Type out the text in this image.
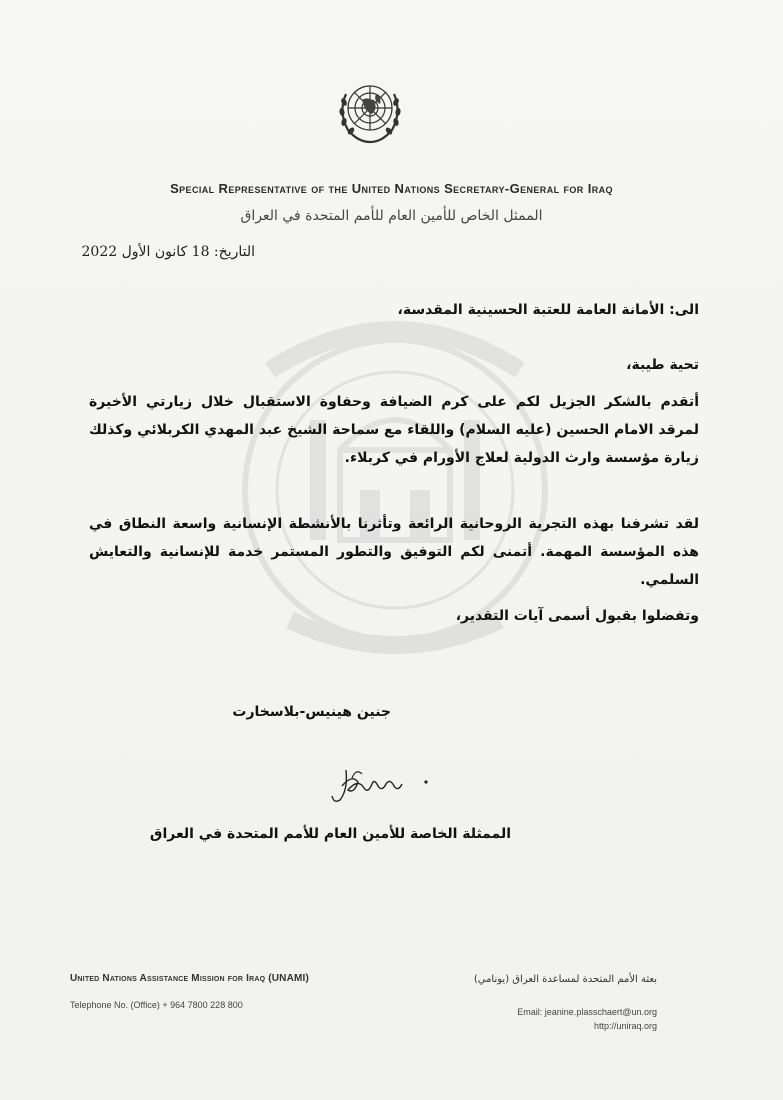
Special Representative of the United Nations Secretary-General for Iraq
الممثل الخاص للأمين العام للأمم المتحدة في العراق
التاريخ: 18 كانون الأول 2022
الى: الأمانة العامة للعتبة الحسينية المقدسة،
تحية طيبة،
أتقدم بالشكر الجزيل لكم على كرم الضيافة وحفاوة الاستقبال خلال زيارتي الأخيرة لمرقد الامام الحسين (عليه السلام) واللقاء مع سماحة الشيخ عبد المهدي الكربلائي وكذلك زيارة مؤسسة وارث الدولية لعلاج الأورام في كربلاء.
لقد تشرفنا بهذه التجربة الروحانية الرائعة وتأثرنا بالأنشطة الإنسانية واسعة النطاق في هذه المؤسسة المهمة. أتمنى لكم التوفيق والتطور المستمر خدمة للإنسانية والتعايش السلمي.
وتفضلوا بقبول أسمى آيات التقدير،
جنين هينيس-بلاسخارت
الممثلة الخاصة للأمين العام للأمم المتحدة في العراق
United Nations Assistance Mission for Iraq (UNAMI)	بعثة الأمم المتحدة لمساعدة العراق (يونامي)
Telephone No. (Office) + 964 7800 228 800
Email: jeanine.plasschaert@un.org
http://uniraq.org
